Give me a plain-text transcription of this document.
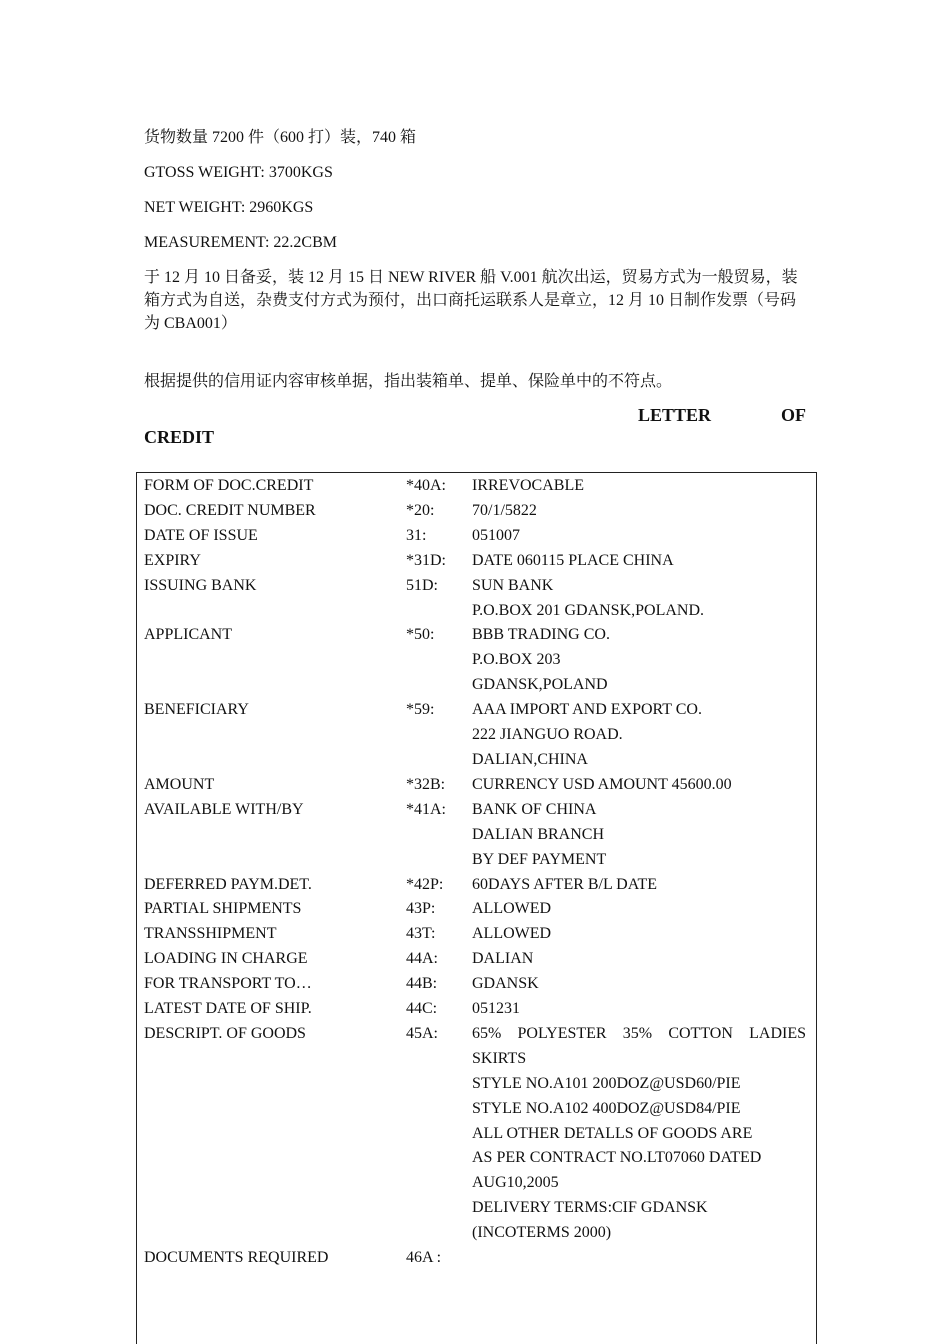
货物数量 7200 件（600 打）装，740 箱

GTOSS WEIGHT: 3700KGS

NET WEIGHT: 2960KGS

MEASUREMENT: 22.2CBM

于 12 月 10 日备妥，装 12 月 15 日 NEW RIVER 船 V.001 航次出运，贸易方式为一般贸易，装箱方式为自送，杂费支付方式为预付，出口商托运联系人是章立，12 月 10 日制作发票（号码为 CBA001）

根据提供的信用证内容审核单据，指出装箱单、提单、保险单中的不符点。

LETTER	OF
CREDIT
FORM OF DOC.CREDIT	*40A:	IRREVOCABLE
DOC. CREDIT NUMBER	*20:	70/1/5822
DATE OF ISSUE	31:	051007
EXPIRY	*31D:	DATE 060115 PLACE CHINA
ISSUING BANK	51D:	SUN BANK
P.O.BOX 201 GDANSK,POLAND.
APPLICANT	*50:	BBB TRADING CO.
P.O.BOX 203
GDANSK,POLAND
BENEFICIARY	*59:	AAA IMPORT AND EXPORT CO.
222 JIANGUO ROAD.
DALIAN,CHINA
AMOUNT	*32B:	CURRENCY USD AMOUNT 45600.00
AVAILABLE WITH/BY	*41A:	BANK OF CHINA
DALIAN BRANCH
BY DEF PAYMENT
DEFERRED PAYM.DET.	*42P:	60DAYS AFTER B/L DATE
PARTIAL SHIPMENTS	43P:	ALLOWED
TRANSSHIPMENT	43T:	ALLOWED
LOADING IN CHARGE	44A:	DALIAN
FOR TRANSPORT TO…	44B:	GDANSK
LATEST DATE OF SHIP.	44C:	051231
DESCRIPT. OF GOODS	45A:	65% POLYESTER 35% COTTON LADIES SKIRTS
STYLE NO.A101 200DOZ@USD60/PIE
STYLE NO.A102 400DOZ@USD84/PIE
ALL OTHER DETALLS OF GOODS ARE
AS PER CONTRACT NO.LT07060 DATED
AUG10,2005
DELIVERY TERMS:CIF GDANSK
(INCOTERMS 2000)
DOCUMENTS REQUIRED	46A :
